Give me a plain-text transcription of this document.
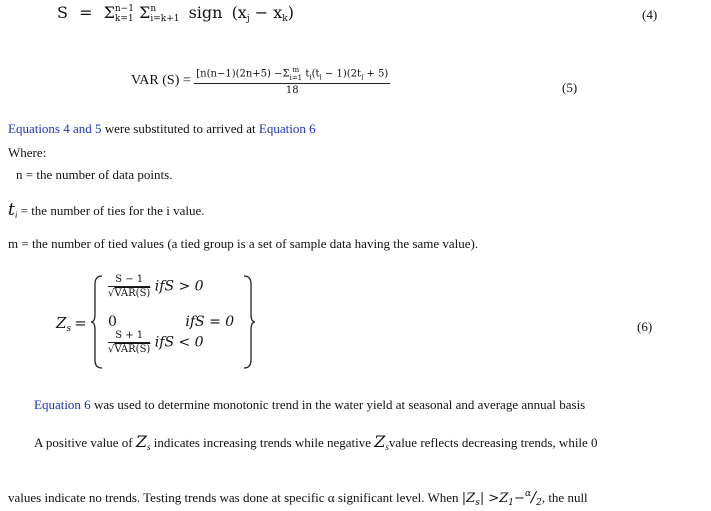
S = Σ n−1
k=1 Σ n
i=k+1 sign $(x_j - x_k)$	(4)
VAR (S) = [n(n−1)(2n+5) −Σ m
i=1 $t_i(t_i - 1)(2t_i + 5)$
18	(5)
Equations 4 and 5 were substituted to arrived at Equation 6
Where:
n = the number of data points.
$t_i$ = the number of ties for the i value.
m = the number of tied values (a tied group is a set of sample data having the same value).
$Z_s$ =
$\frac{S - 1}{\text{√VAR(S)}}$ ifS > 0
0	ifS = 0
$\frac{S + 1}{\text{√VAR(S)}}$ ifS < 0
(6)
Equation 6 was used to determine monotonic trend in the water yield at seasonal and average annual basis
A positive value of $Z_s$ indicates increasing trends while negative $Z_svalue$ reflects decreasing trends, while 0
values indicate no trends. Testing trends was done at specific α significant level. When $|Z_s| >Z_1-^\alpha/_2$, the null
